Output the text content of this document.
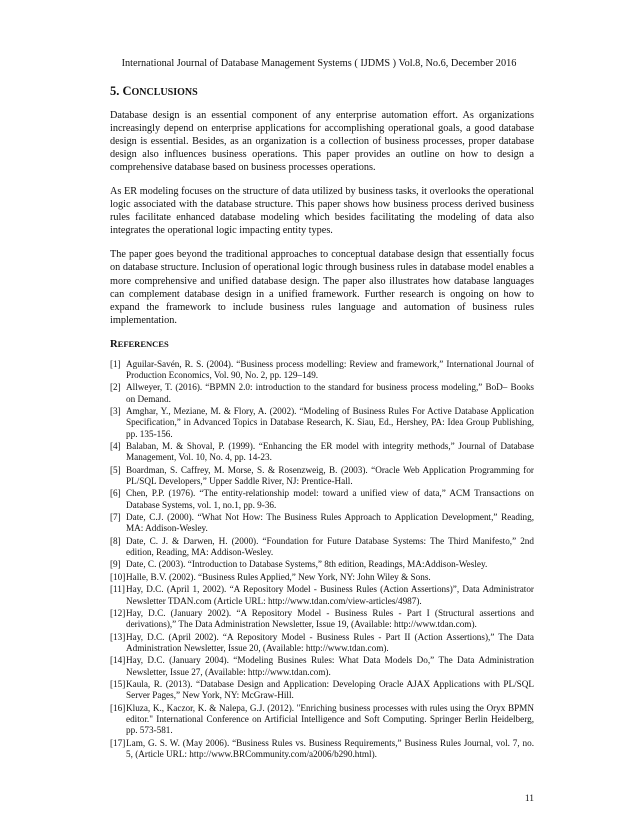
International Journal of Database Management Systems ( IJDMS ) Vol.8, No.6, December 2016
5. CONCLUSIONS

Database design is an essential component of any enterprise automation effort. As organizations increasingly depend on enterprise applications for accomplishing operational goals, a good database design is essential. Besides, as an organization is a collection of business processes, proper database design also influences business operations. This paper provides an outline on how to design a comprehensive database based on business processes operations.

As ER modeling focuses on the structure of data utilized by business tasks, it overlooks the operational logic associated with the database structure. This paper shows how business process derived business rules facilitate enhanced database modeling which besides facilitating the modeling of data also integrates the operational logic impacting entity types.

The paper goes beyond the traditional approaches to conceptual database design that essentially focus on database structure. Inclusion of operational logic through business rules in database model enables a more comprehensive and unified database design. The paper also illustrates how database languages can complement database design in a unified framework. Further research is ongoing on how to expand the framework to include business rules language and automation of business rules implementation.

REFERENCES
[1] Aguilar-Savén, R. S. (2004). “Business process modelling: Review and framework,” International Journal of Production Economics, Vol. 90, No. 2, pp. 129–149.
[2] Allweyer, T. (2016). “BPMN 2.0: introduction to the standard for business process modeling,” BoD– Books on Demand.
[3] Amghar, Y., Meziane, M. & Flory, A. (2002). “Modeling of Business Rules For Active Database Application Specification,” in Advanced Topics in Database Research, K. Siau, Ed., Hershey, PA: Idea Group Publishing, pp. 135-156.
[4] Balaban, M. & Shoval, P. (1999). “Enhancing the ER model with integrity methods,” Journal of Database Management, Vol. 10, No. 4, pp. 14-23.
[5] Boardman, S. Caffrey, M. Morse, S. & Rosenzweig, B. (2003). “Oracle Web Application Programming for PL/SQL Developers,” Upper Saddle River, NJ: Prentice-Hall.
[6] Chen, P.P. (1976). “The entity-relationship model: toward a unified view of data,” ACM Transactions on Database Systems, vol. 1, no.1, pp. 9-36.
[7] Date, C.J. (2000). “What Not How: The Business Rules Approach to Application Development,” Reading, MA: Addison-Wesley.
[8] Date, C. J. & Darwen, H. (2000). “Foundation for Future Database Systems: The Third Manifesto,” 2nd edition, Reading, MA: Addison-Wesley.
[9] Date, C. (2003). “Introduction to Database Systems,” 8th edition, Readings, MA:Addison-Wesley.
[10] Halle, B.V. (2002). “Business Rules Applied,” New York, NY: John Wiley & Sons.
[11] Hay, D.C. (April 1, 2002). “A Repository Model - Business Rules (Action Assertions)”, Data Administrator Newsletter TDAN.com (Article URL: http://www.tdan.com/view-articles/4987).
[12] Hay, D.C. (January 2002). “A Repository Model - Business Rules - Part I (Structural assertions and derivations),” The Data Administration Newsletter, Issue 19, (Available: http://www.tdan.com).
[13] Hay, D.C. (April 2002). “A Repository Model - Business Rules - Part II (Action Assertions),” The Data Administration Newsletter, Issue 20, (Available: http://www.tdan.com).
[14] Hay, D.C. (January 2004). “Modeling Busines Rules: What Data Models Do,” The Data Administration Newsletter, Issue 27, (Available: http://www.tdan.com).
[15] Kaula, R. (2013). “Database Design and Application: Developing Oracle AJAX Applications with PL/SQL Server Pages,” New York, NY: McGraw-Hill.
[16] Kluza, K., Kaczor, K. & Nalepa, G.J. (2012). "Enriching business processes with rules using the Oryx BPMN editor." International Conference on Artificial Intelligence and Soft Computing. Springer Berlin Heidelberg, pp. 573-581.
[17] Lam, G. S. W. (May 2006). “Business Rules vs. Business Requirements,” Business Rules Journal, vol. 7, no. 5, (Article URL: http://www.BRCommunity.com/a2006/b290.html).
11
